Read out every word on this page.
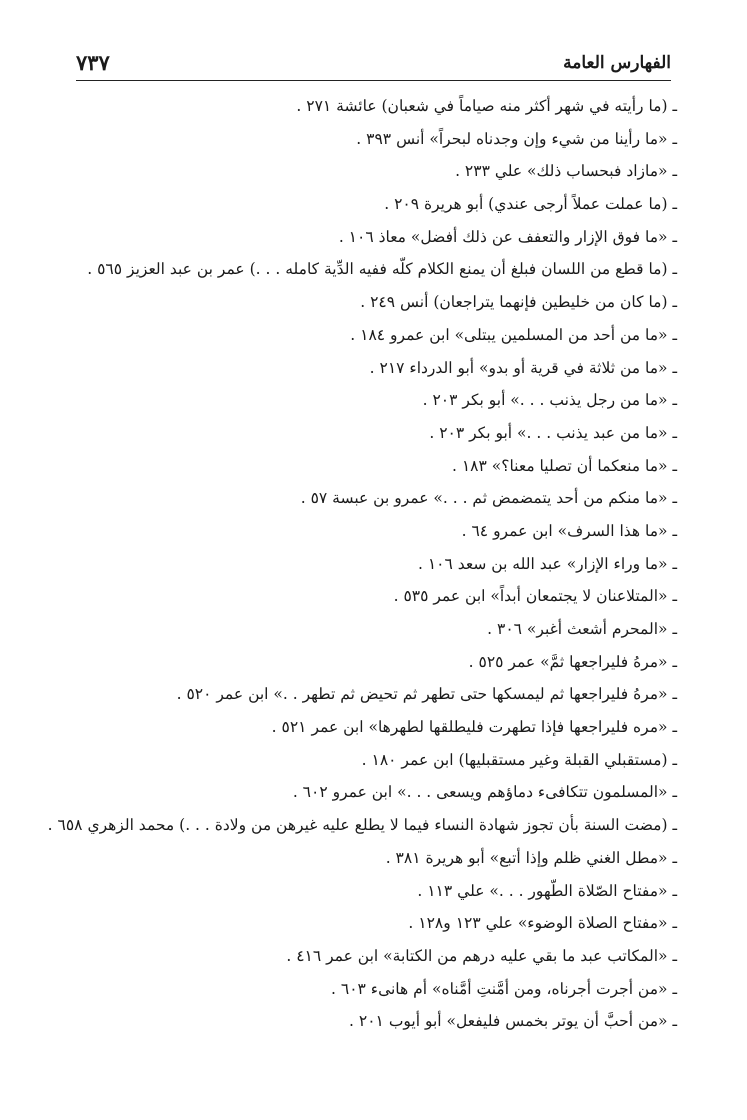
الفهارس العامة
٧٣٧
ـ (ما رأيته في شهر أكثر منه صياماً في شعبان) عائشة ٢٧١ .
ـ «ما رأينا من شيء وإن وجدناه لبحراً» أنس ٣٩٣ .
ـ «مازاد فبحساب ذلك» علي ٢٣٣ .
ـ (ما عملت عملاً أرجى عندي) أبو هريرة ٢٠٩ .
ـ «ما فوق الإزار والتعفف عن ذلك أفضل» معاذ ١٠٦ .
ـ (ما قطع من اللسان فبلغ أن يمنع الكلام كلّه ففيه الدِّية كامله . . .) عمر بن عبد العزيز ٥٦٥ .
ـ (ما كان من خليطين فإنهما يتراجعان) أنس ٢٤٩ .
ـ «ما من أحد من المسلمين يبتلى» ابن عمرو ١٨٤ .
ـ «ما من ثلاثة في قرية أو بدو» أبو الدرداء ٢١٧ .
ـ «ما من رجل يذنب . . .» أبو بكر ٢٠٣ .
ـ «ما من عبد يذنب . . .» أبو بكر ٢٠٣ .
ـ «ما منعكما أن تصليا معنا؟» ١٨٣ .
ـ «ما منكم من أحد يتمضمض ثم . . .» عمرو بن عبسة ٥٧ .
ـ «ما هذا السرف» ابن عمرو ٦٤ .
ـ «ما وراء الإزار» عبد الله بن سعد ١٠٦ .
ـ «المتلاعنان لا يجتمعان أبداً» ابن عمر ٥٣٥ .
ـ «المحرم أشعث أغبر» ٣٠٦ .
ـ «مرهُ فليراجعها ثمَّ» عمر ٥٢٥ .
ـ «مرهُ فليراجعها ثم ليمسكها حتى تطهر ثم تحيض ثم تطهر . .» ابن عمر ٥٢٠ .
ـ «مره فليراجعها فإذا تطهرت فليطلقها لطهرها» ابن عمر ٥٢١ .
ـ (مستقبلي القبلة وغير مستقبليها) ابن عمر ١٨٠ .
ـ «المسلمون تتكافىء دماؤهم ويسعى . . .» ابن عمرو ٦٠٢ .
ـ (مضت السنة بأن تجوز شهادة النساء فيما لا يطلع عليه غيرهن من ولادة . . .) محمد الزهري ٦٥٨ .
ـ «مطل الغني ظلم وإذا أتبع» أبو هريرة ٣٨١ .
ـ «مفتاح الصّلاة الطّهور . . .» علي ١١٣ .
ـ «مفتاح الصلاة الوضوء» علي ١٢٣ و١٢٨ .
ـ «المكاتب عبد ما بقي عليه درهم من الكتابة» ابن عمر ٤١٦ .
ـ «من أجرت أجرناه، ومن أمَّنتِ أمَّناه» أم هانىء ٦٠٣ .
ـ «من أحبَّ أن يوتر بخمس فليفعل» أبو أيوب ٢٠١ .
